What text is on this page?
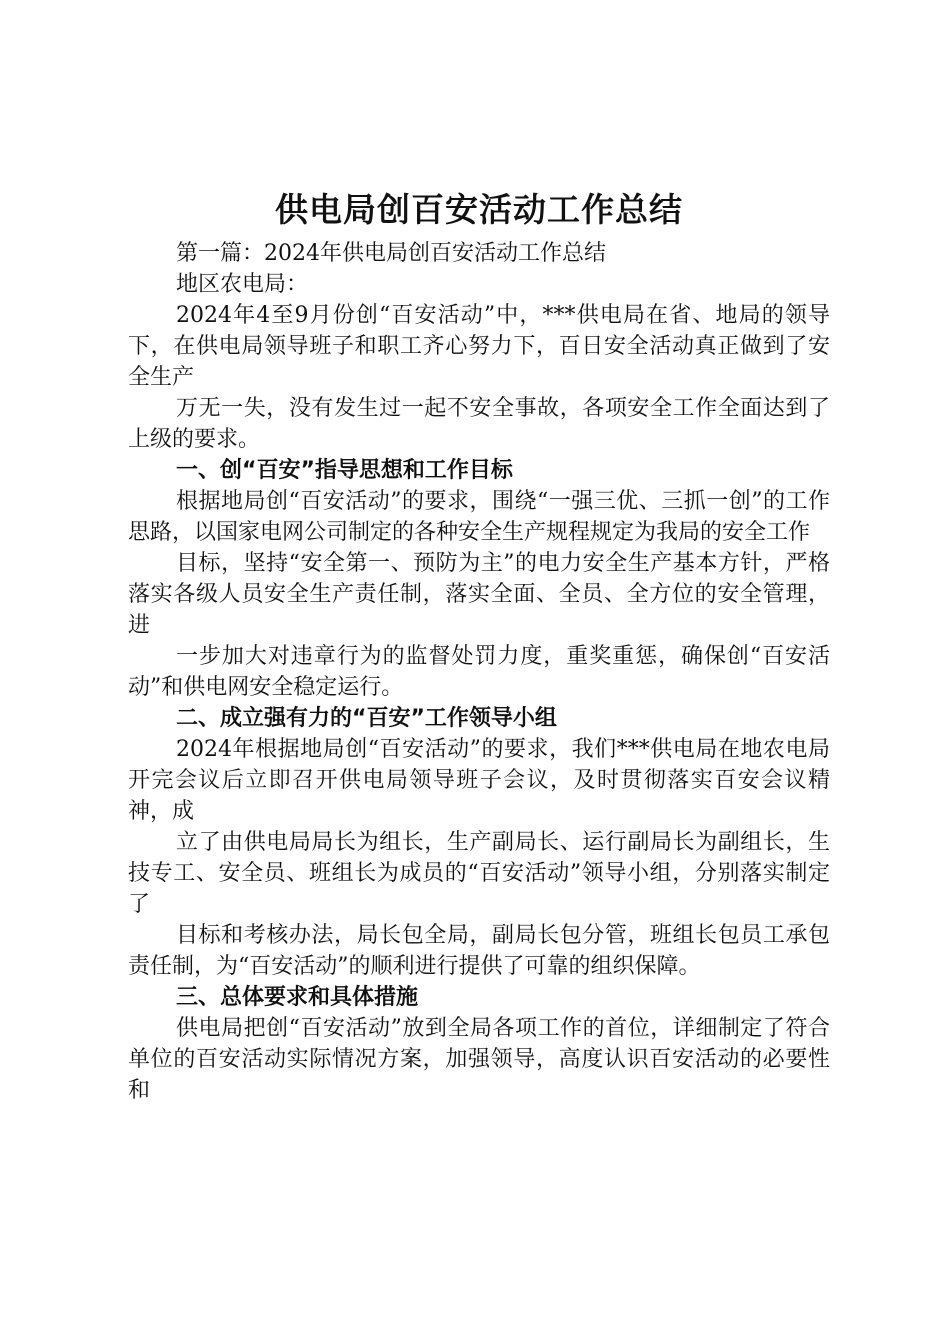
供电局创百安活动工作总结

第一篇：2024年供电局创百安活动工作总结

地区农电局：

2024年4至9月份创“百安活动”中，***供电局在省、地局的领导下，在供电局领导班子和职工齐心努力下，百日安全活动真正做到了安全生产

万无一失，没有发生过一起不安全事故，各项安全工作全面达到了上级的要求。

一、创“百安”指导思想和工作目标

根据地局创“百安活动”的要求，围绕“一强三优、三抓一创”的工作思路，以国家电网公司制定的各种安全生产规程规定为我局的安全工作

目标，坚持“安全第一、预防为主”的电力安全生产基本方针，严格落实各级人员安全生产责任制，落实全面、全员、全方位的安全管理，进

一步加大对违章行为的监督处罚力度，重奖重惩，确保创“百安活动”和供电网安全稳定运行。

二、成立强有力的“百安”工作领导小组

2024年根据地局创“百安活动”的要求，我们***供电局在地农电局开完会议后立即召开供电局领导班子会议，及时贯彻落实百安会议精神，成

立了由供电局局长为组长，生产副局长、运行副局长为副组长，生技专工、安全员、班组长为成员的“百安活动”领导小组，分别落实制定了

目标和考核办法，局长包全局，副局长包分管，班组长包员工承包责任制，为“百安活动”的顺利进行提供了可靠的组织保障。

三、总体要求和具体措施

供电局把创“百安活动”放到全局各项工作的首位，详细制定了符合单位的百安活动实际情况方案，加强领导，高度认识百安活动的必要性和
